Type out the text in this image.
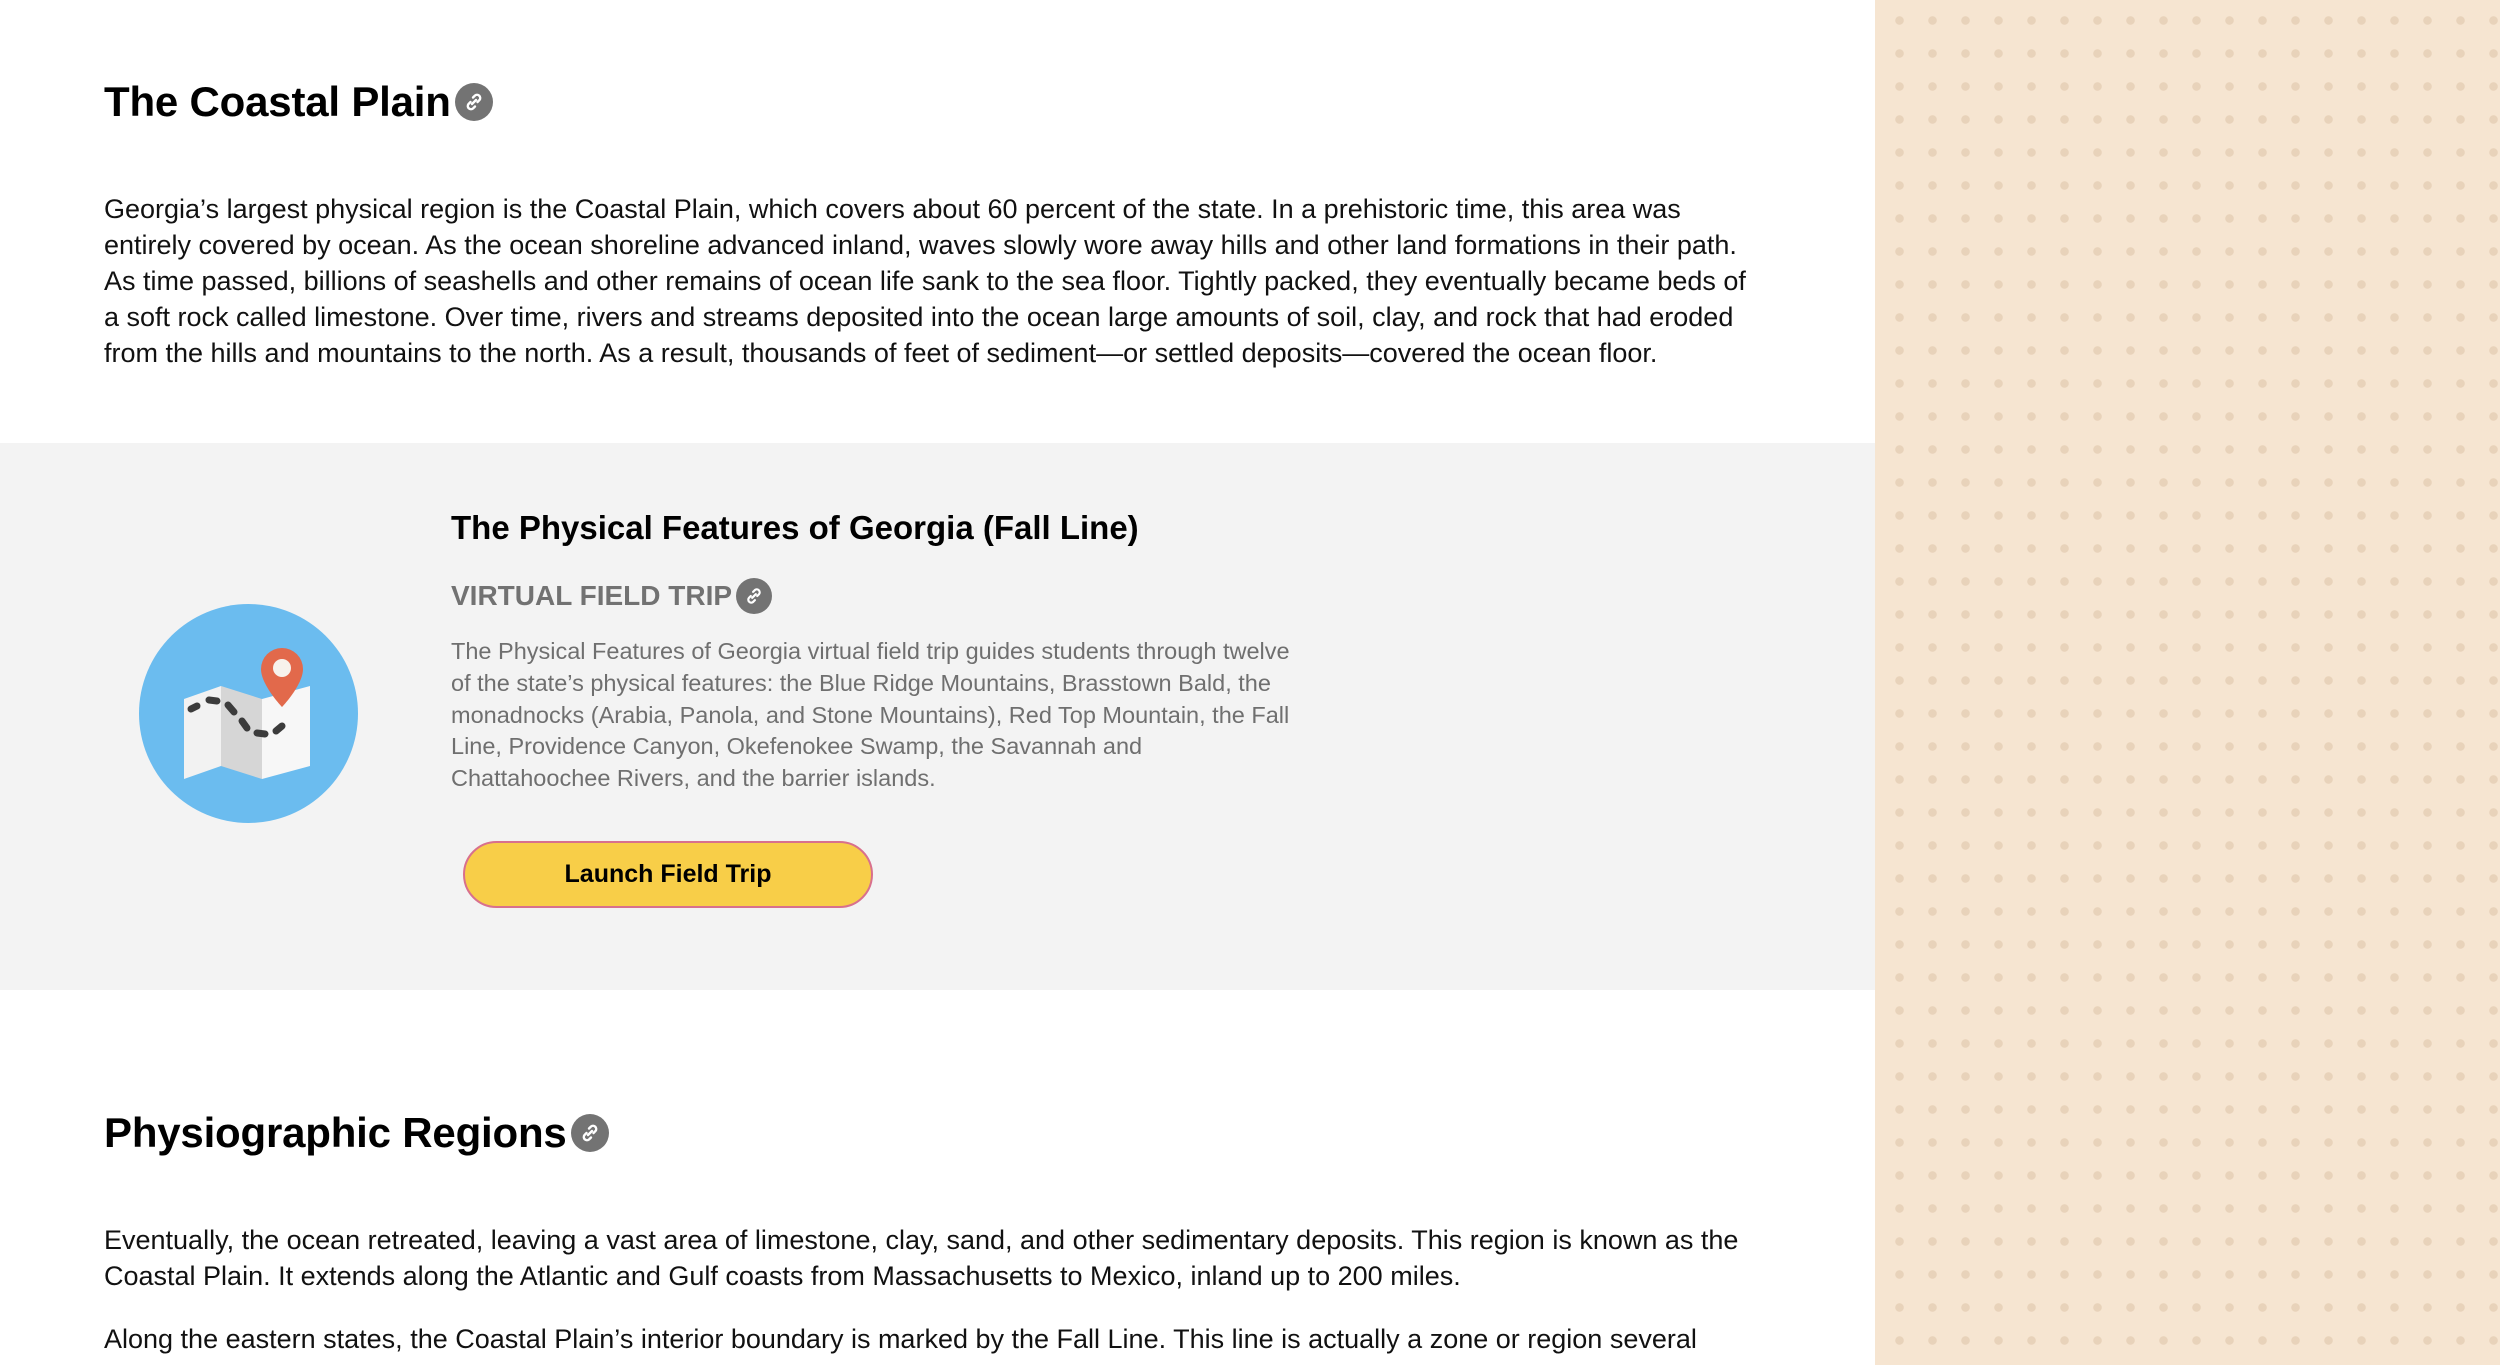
The Coastal Plain

Georgia’s largest physical region is the Coastal Plain, which covers about 60 percent of the state. In a prehistoric time, this area was entirely covered by ocean. As the ocean shoreline advanced inland, waves slowly wore away hills and other land formations in their path. As time passed, billions of seashells and other remains of ocean life sank to the sea floor. Tightly packed, they eventually became beds of a soft rock called limestone. Over time, rivers and streams deposited into the ocean large amounts of soil, clay, and rock that had eroded from the hills and mountains to the north. As a result, thousands of feet of sediment—or settled deposits—covered the ocean floor.

The Physical Features of Georgia (Fall Line)
VIRTUAL FIELD TRIP

The Physical Features of Georgia virtual field trip guides students through twelve of the state’s physical features: the Blue Ridge Mountains, Brasstown Bald, the monadnocks (Arabia, Panola, and Stone Mountains), Red Top Mountain, the Fall Line, Providence Canyon, Okefenokee Swamp, the Savannah and Chattahoochee Rivers, and the barrier islands.

Launch Field Trip
Physiographic Regions

Eventually, the ocean retreated, leaving a vast area of limestone, clay, sand, and other sedimentary deposits. This region is known as the Coastal Plain. It extends along the Atlantic and Gulf coasts from Massachusetts to Mexico, inland up to 200 miles.

Along the eastern states, the Coastal Plain’s interior boundary is marked by the Fall Line. This line is actually a zone or region several
